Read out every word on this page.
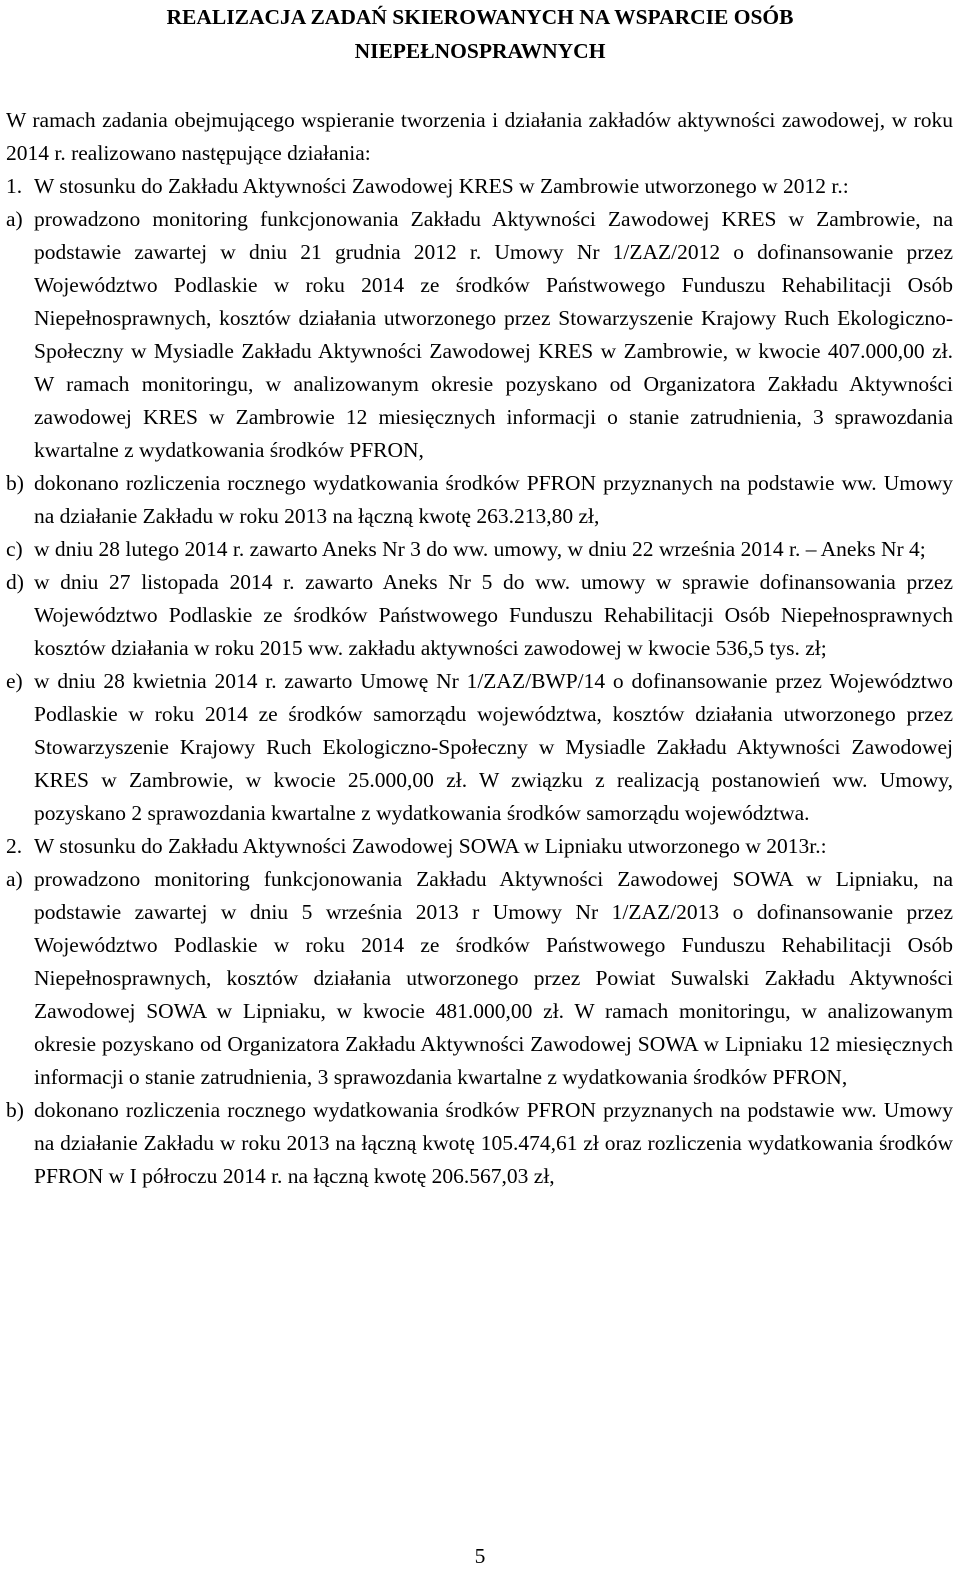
REALIZACJA ZADAŃ SKIEROWANYCH NA WSPARCIE OSÓB
NIEPEŁNOSPRAWNYCH

W ramach zadania obejmującego wspieranie tworzenia i działania zakładów aktywności zawodowej, w roku 2014 r. realizowano następujące działania:

1. W stosunku do Zakładu Aktywności Zawodowej KRES w Zambrowie utworzonego w 2012 r.:
a) prowadzono monitoring funkcjonowania Zakładu Aktywności Zawodowej KRES w Zambrowie, na podstawie zawartej w dniu 21 grudnia 2012 r. Umowy Nr 1/ZAZ/2012 o dofinansowanie przez Województwo Podlaskie w roku 2014 ze środków Państwowego Funduszu Rehabilitacji Osób Niepełnosprawnych, kosztów działania utworzonego przez Stowarzyszenie Krajowy Ruch Ekologiczno-Społeczny w Mysiadle Zakładu Aktywności Zawodowej KRES w Zambrowie, w kwocie 407.000,00 zł. W ramach monitoringu, w analizowanym okresie pozyskano od Organizatora Zakładu Aktywności zawodowej KRES w Zambrowie 12 miesięcznych informacji o stanie zatrudnienia, 3 sprawozdania kwartalne z wydatkowania środków PFRON,
b) dokonano rozliczenia rocznego wydatkowania środków PFRON przyznanych na podstawie ww. Umowy na działanie Zakładu w roku 2013 na łączną kwotę 263.213,80 zł,
c) w dniu 28 lutego 2014 r. zawarto Aneks Nr 3 do ww. umowy, w dniu 22 września 2014 r. – Aneks Nr 4;
d) w dniu 27 listopada 2014 r. zawarto Aneks Nr 5 do ww. umowy w sprawie dofinansowania przez Województwo Podlaskie ze środków Państwowego Funduszu Rehabilitacji Osób Niepełnosprawnych kosztów działania w roku 2015 ww. zakładu aktywności zawodowej w kwocie 536,5 tys. zł;
e) w dniu 28 kwietnia 2014 r. zawarto Umowę Nr 1/ZAZ/BWP/14 o dofinansowanie przez Województwo Podlaskie w roku 2014 ze środków samorządu województwa, kosztów działania utworzonego przez Stowarzyszenie Krajowy Ruch Ekologiczno-Społeczny w Mysiadle Zakładu Aktywności Zawodowej KRES w Zambrowie, w kwocie 25.000,00 zł. W związku z realizacją postanowień ww. Umowy, pozyskano 2 sprawozdania kwartalne z wydatkowania środków samorządu województwa.
2. W stosunku do Zakładu Aktywności Zawodowej SOWA w Lipniaku utworzonego w 2013r.:
a) prowadzono monitoring funkcjonowania Zakładu Aktywności Zawodowej SOWA w Lipniaku, na podstawie zawartej w dniu 5 września 2013 r Umowy Nr 1/ZAZ/2013 o dofinansowanie przez Województwo Podlaskie w roku 2014 ze środków Państwowego Funduszu Rehabilitacji Osób Niepełnosprawnych, kosztów działania utworzonego przez Powiat Suwalski Zakładu Aktywności Zawodowej SOWA w Lipniaku, w kwocie 481.000,00 zł. W ramach monitoringu, w analizowanym okresie pozyskano od Organizatora Zakładu Aktywności Zawodowej SOWA w Lipniaku 12 miesięcznych informacji o stanie zatrudnienia, 3 sprawozdania kwartalne z wydatkowania środków PFRON,
b) dokonano rozliczenia rocznego wydatkowania środków PFRON przyznanych na podstawie ww. Umowy na działanie Zakładu w roku 2013 na łączną kwotę 105.474,61 zł oraz rozliczenia wydatkowania środków PFRON w I półroczu 2014 r. na łączną kwotę 206.567,03 zł,
5
